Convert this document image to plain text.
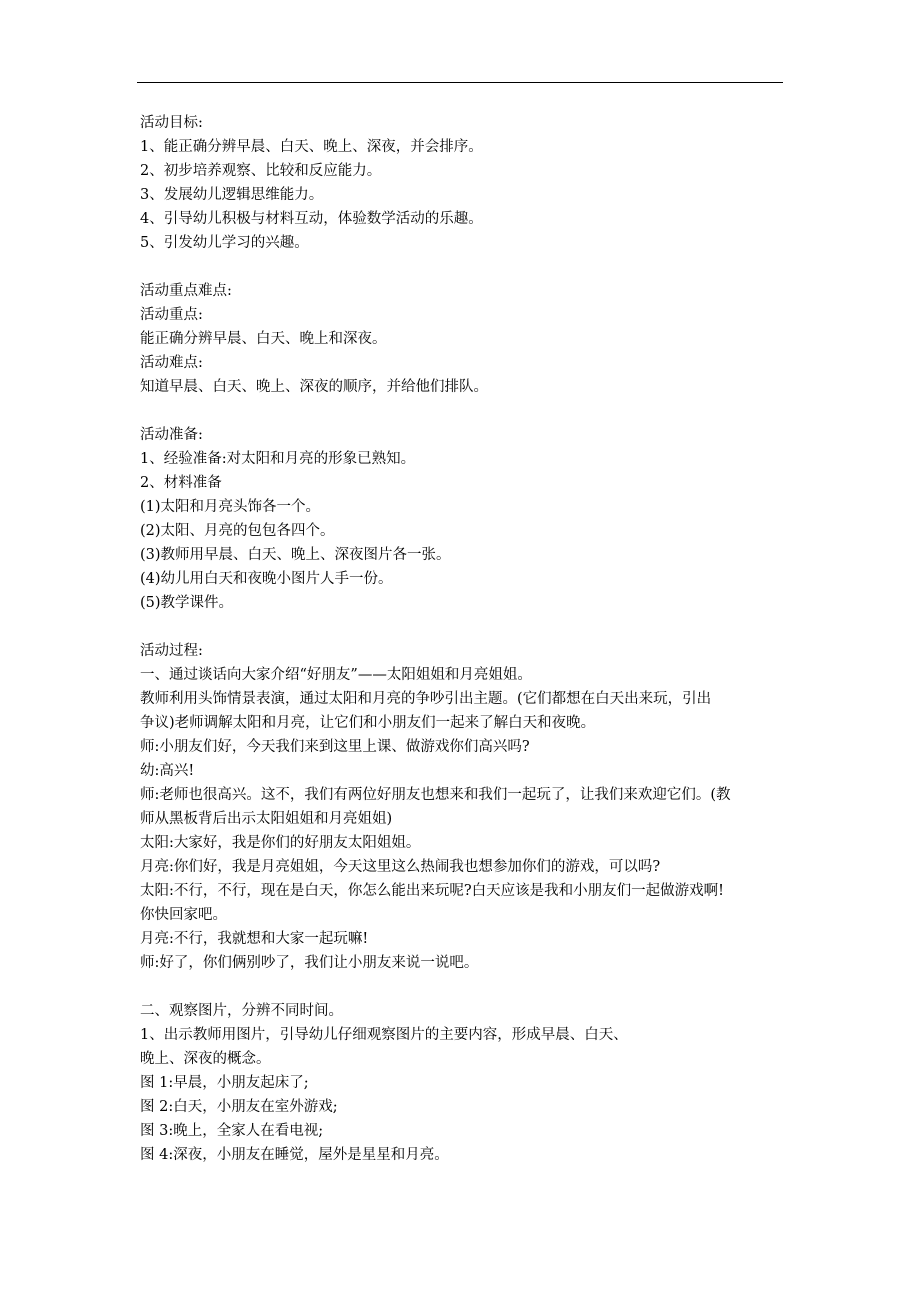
活动目标:
1、能正确分辨早晨、白天、晚上、深夜，并会排序。
2、初步培养观察、比较和反应能力。
3、发展幼儿逻辑思维能力。
4、引导幼儿积极与材料互动，体验数学活动的乐趣。
5、引发幼儿学习的兴趣。
活动重点难点:
活动重点:
能正确分辨早晨、白天、晚上和深夜。
活动难点:
知道早晨、白天、晚上、深夜的顺序，并给他们排队。
活动准备:
1、经验准备:对太阳和月亮的形象已熟知。
2、材料准备
(1)太阳和月亮头饰各一个。
(2)太阳、月亮的包包各四个。
(3)教师用早晨、白天、晚上、深夜图片各一张。
(4)幼儿用白天和夜晚小图片人手一份。
(5)教学课件。
活动过程:
一、通过谈话向大家介绍“好朋友”——太阳姐姐和月亮姐姐。
教师利用头饰情景表演，通过太阳和月亮的争吵引出主题。(它们都想在白天出来玩，引出
争议)老师调解太阳和月亮，让它们和小朋友们一起来了解白天和夜晚。
师:小朋友们好，今天我们来到这里上课、做游戏你们高兴吗?
幼:高兴!
师:老师也很高兴。这不，我们有两位好朋友也想来和我们一起玩了，让我们来欢迎它们。(教
师从黑板背后出示太阳姐姐和月亮姐姐)
太阳:大家好，我是你们的好朋友太阳姐姐。
月亮:你们好，我是月亮姐姐，今天这里这么热闹我也想参加你们的游戏，可以吗?
太阳:不行，不行，现在是白天，你怎么能出来玩呢?白天应该是我和小朋友们一起做游戏啊!
你快回家吧。
月亮:不行，我就想和大家一起玩嘛!
师:好了，你们俩别吵了，我们让小朋友来说一说吧。
二、观察图片，分辨不同时间。
1、出示教师用图片，引导幼儿仔细观察图片的主要内容，形成早晨、白天、
晚上、深夜的概念。
图 1:早晨，小朋友起床了;
图 2:白天，小朋友在室外游戏;
图 3:晚上，全家人在看电视;
图 4:深夜，小朋友在睡觉，屋外是星星和月亮。
